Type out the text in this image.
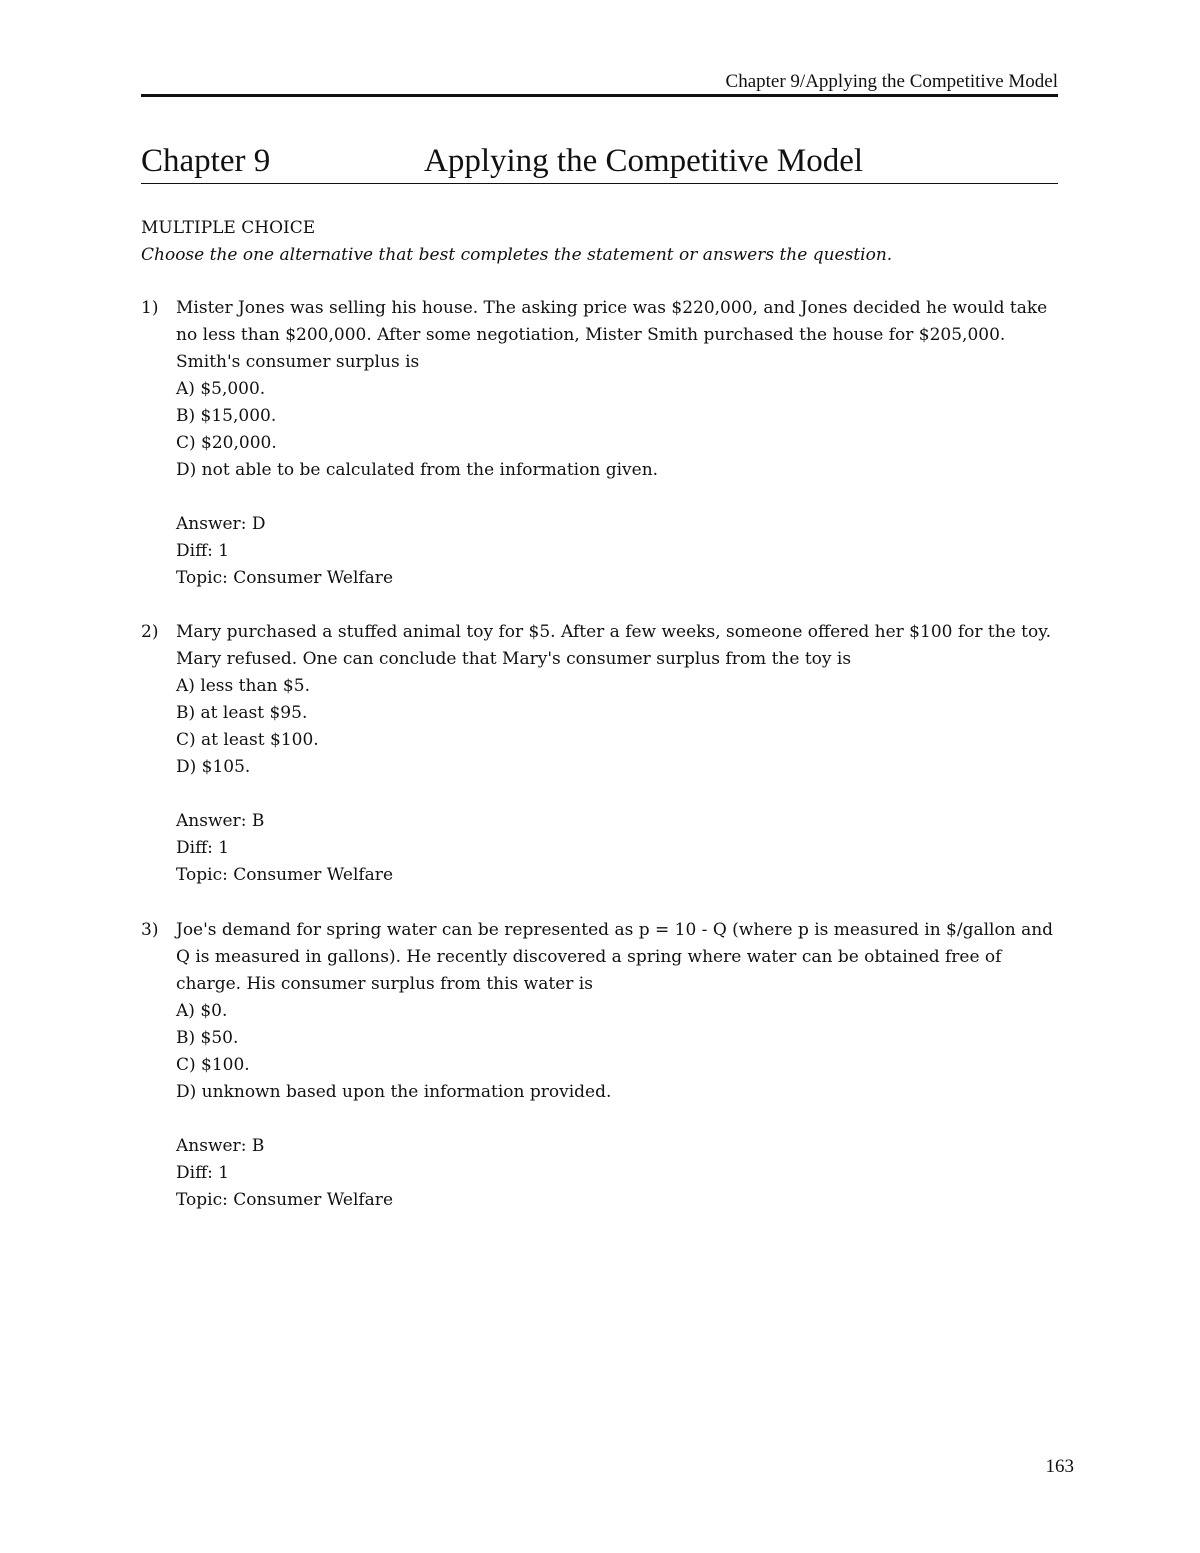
Chapter 9/Applying the Competitive Model
Chapter 9	Applying the Competitive Model
MULTIPLE CHOICE
Choose the one alternative that best completes the statement or answers the question.
1) Mister Jones was selling his house. The asking price was $220,000, and Jones decided he would take no less than $200,000. After some negotiation, Mister Smith purchased the house for $205,000. Smith's consumer surplus is
A) $5,000.
B) $15,000.
C) $20,000.
D) not able to be calculated from the information given.
Answer: D
Diff: 1
Topic: Consumer Welfare
2) Mary purchased a stuffed animal toy for $5. After a few weeks, someone offered her $100 for the toy. Mary refused. One can conclude that Mary's consumer surplus from the toy is
A) less than $5.
B) at least $95.
C) at least $100.
D) $105.
Answer: B
Diff: 1
Topic: Consumer Welfare
3) Joe's demand for spring water can be represented as p = 10 - Q (where p is measured in $/gallon and Q is measured in gallons). He recently discovered a spring where water can be obtained free of charge. His consumer surplus from this water is
A) $0.
B) $50.
C) $100.
D) unknown based upon the information provided.
Answer: B
Diff: 1
Topic: Consumer Welfare
163
